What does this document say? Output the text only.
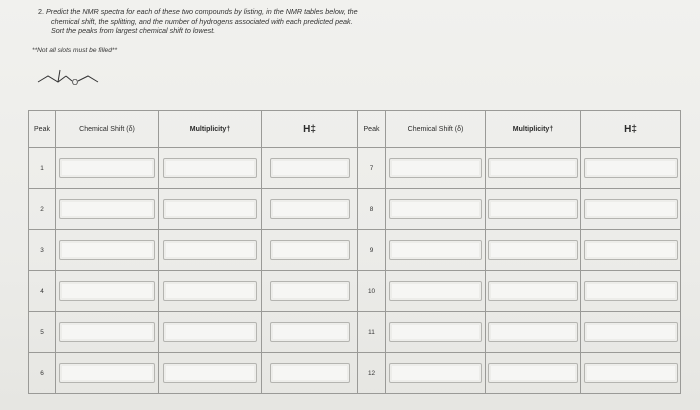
2. Predict the NMR spectra for each of these two compounds by listing, in the NMR tables below, the
chemical shift, the splitting, and the number of hydrogens associated with each predicted peak.
Sort the peaks from largest chemical shift to lowest.
**Not all slots must be filled**
O
Peak	Chemical Shift (δ)	Multiplicity†	H‡	Peak	Chemical Shift (δ)	Multiplicity†	H‡
1				7	

2				8	

3				9	

4				10	

5				11	

6				12	
